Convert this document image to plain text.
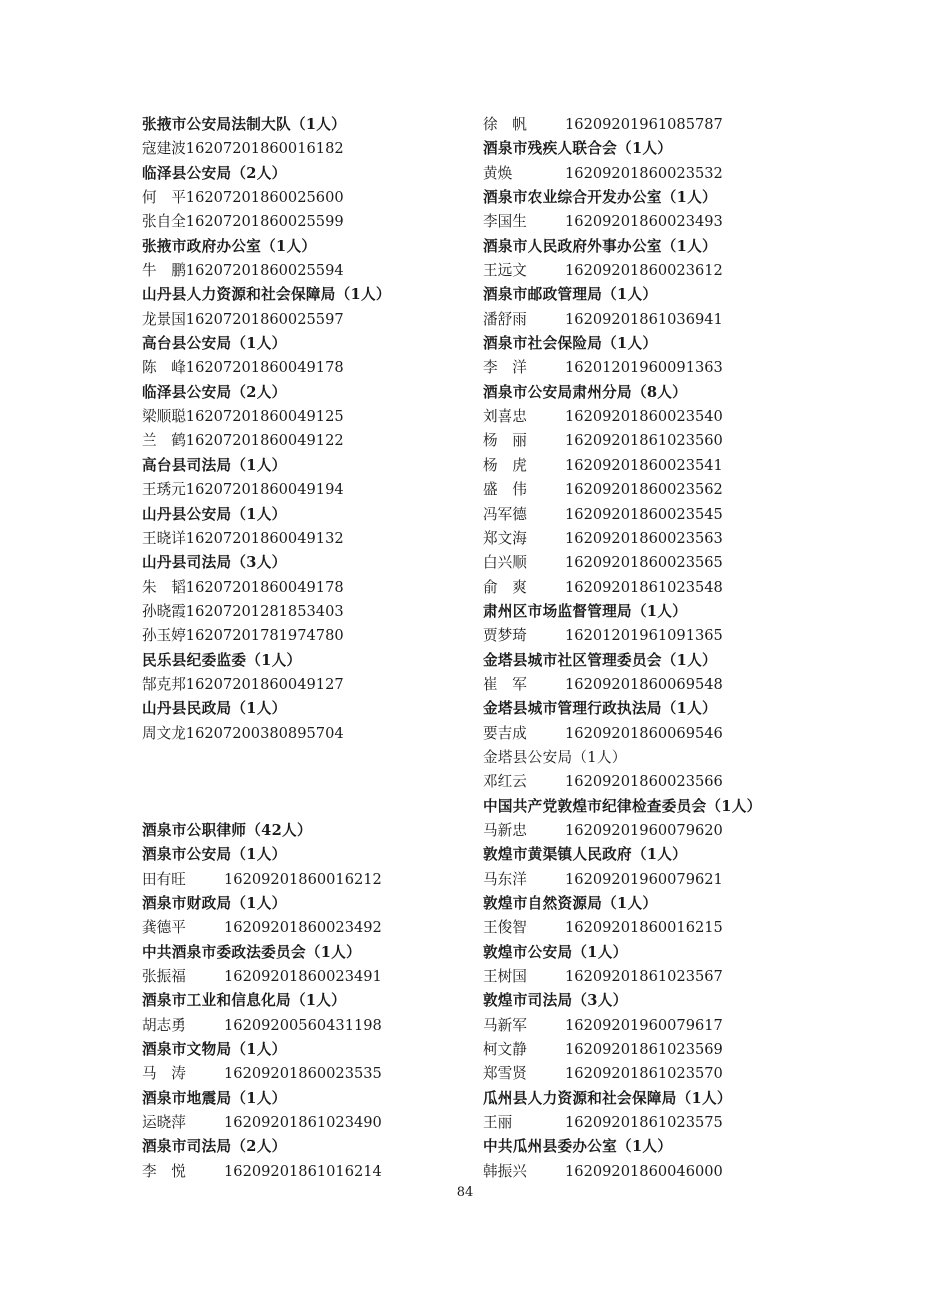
张掖市公安局法制大队（1人）
寇建波 16207201860016182
临泽县公安局（2人）
何　平 16207201860025600
张自全 16207201860025599
张掖市政府办公室（1人）
牛　鹏 16207201860025594
山丹县人力资源和社会保障局（1人）
龙景国 16207201860025597
高台县公安局（1人）
陈　峰 16207201860049178
临泽县公安局（2人）
梁顺聪 16207201860049125
兰　鹤 16207201860049122
高台县司法局（1人）
王琇元 16207201860049194
山丹县公安局（1人）
王晓详 16207201860049132
山丹县司法局（3人）
朱　韬 16207201860049178
孙晓霞 16207201281853403
孙玉婷 16207201781974780
民乐县纪委监委（1人）
郜克邦 16207201860049127
山丹县民政局（1人）
周文龙 16207200380895704
酒泉市公职律师（42人）
酒泉市公安局（1人）
田有旺	16209201860016212
酒泉市财政局（1人）
龚德平	16209201860023492
中共酒泉市委政法委员会（1人）
张振福	16209201860023491
酒泉市工业和信息化局（1人）
胡志勇	16209200560431198
酒泉市文物局（1人）
马　涛	16209201860023535
酒泉市地震局（1人）
运晓萍	16209201861023490
酒泉市司法局（2人）
李　悦	16209201861016214
徐　帆	16209201961085787
酒泉市残疾人联合会（1人）
黄焕	16209201860023532
酒泉市农业综合开发办公室（1人）
李国生	16209201860023493
酒泉市人民政府外事办公室（1人）
王远文	16209201860023612
酒泉市邮政管理局（1人）
潘舒雨	16209201861036941
酒泉市社会保险局（1人）
李　洋	16201201960091363
酒泉市公安局肃州分局（8人）
刘喜忠	16209201860023540
杨　丽	16209201861023560
杨　虎	16209201860023541
盛　伟	16209201860023562
冯军德	16209201860023545
郑文海	16209201860023563
白兴顺	16209201860023565
俞　爽	16209201861023548
肃州区市场监督管理局（1人）
贾梦琦	16201201961091365
金塔县城市社区管理委员会（1人）
崔　军	16209201860069548
金塔县城市管理行政执法局（1人）
要吉成	16209201860069546
金塔县公安局（1人）
邓红云	16209201860023566
中国共产党敦煌市纪律检查委员会（1人）
马新忠	16209201960079620
敦煌市黄渠镇人民政府（1人）
马东洋	16209201960079621
敦煌市自然资源局（1人）
王俊智	16209201860016215
敦煌市公安局（1人）
王树国	16209201861023567
敦煌市司法局（3人）
马新军	16209201960079617
柯文静	16209201861023569
郑雪贤	16209201861023570
瓜州县人力资源和社会保障局（1人）
王丽	16209201861023575
中共瓜州县委办公室（1人）
韩振兴	16209201860046000
84
